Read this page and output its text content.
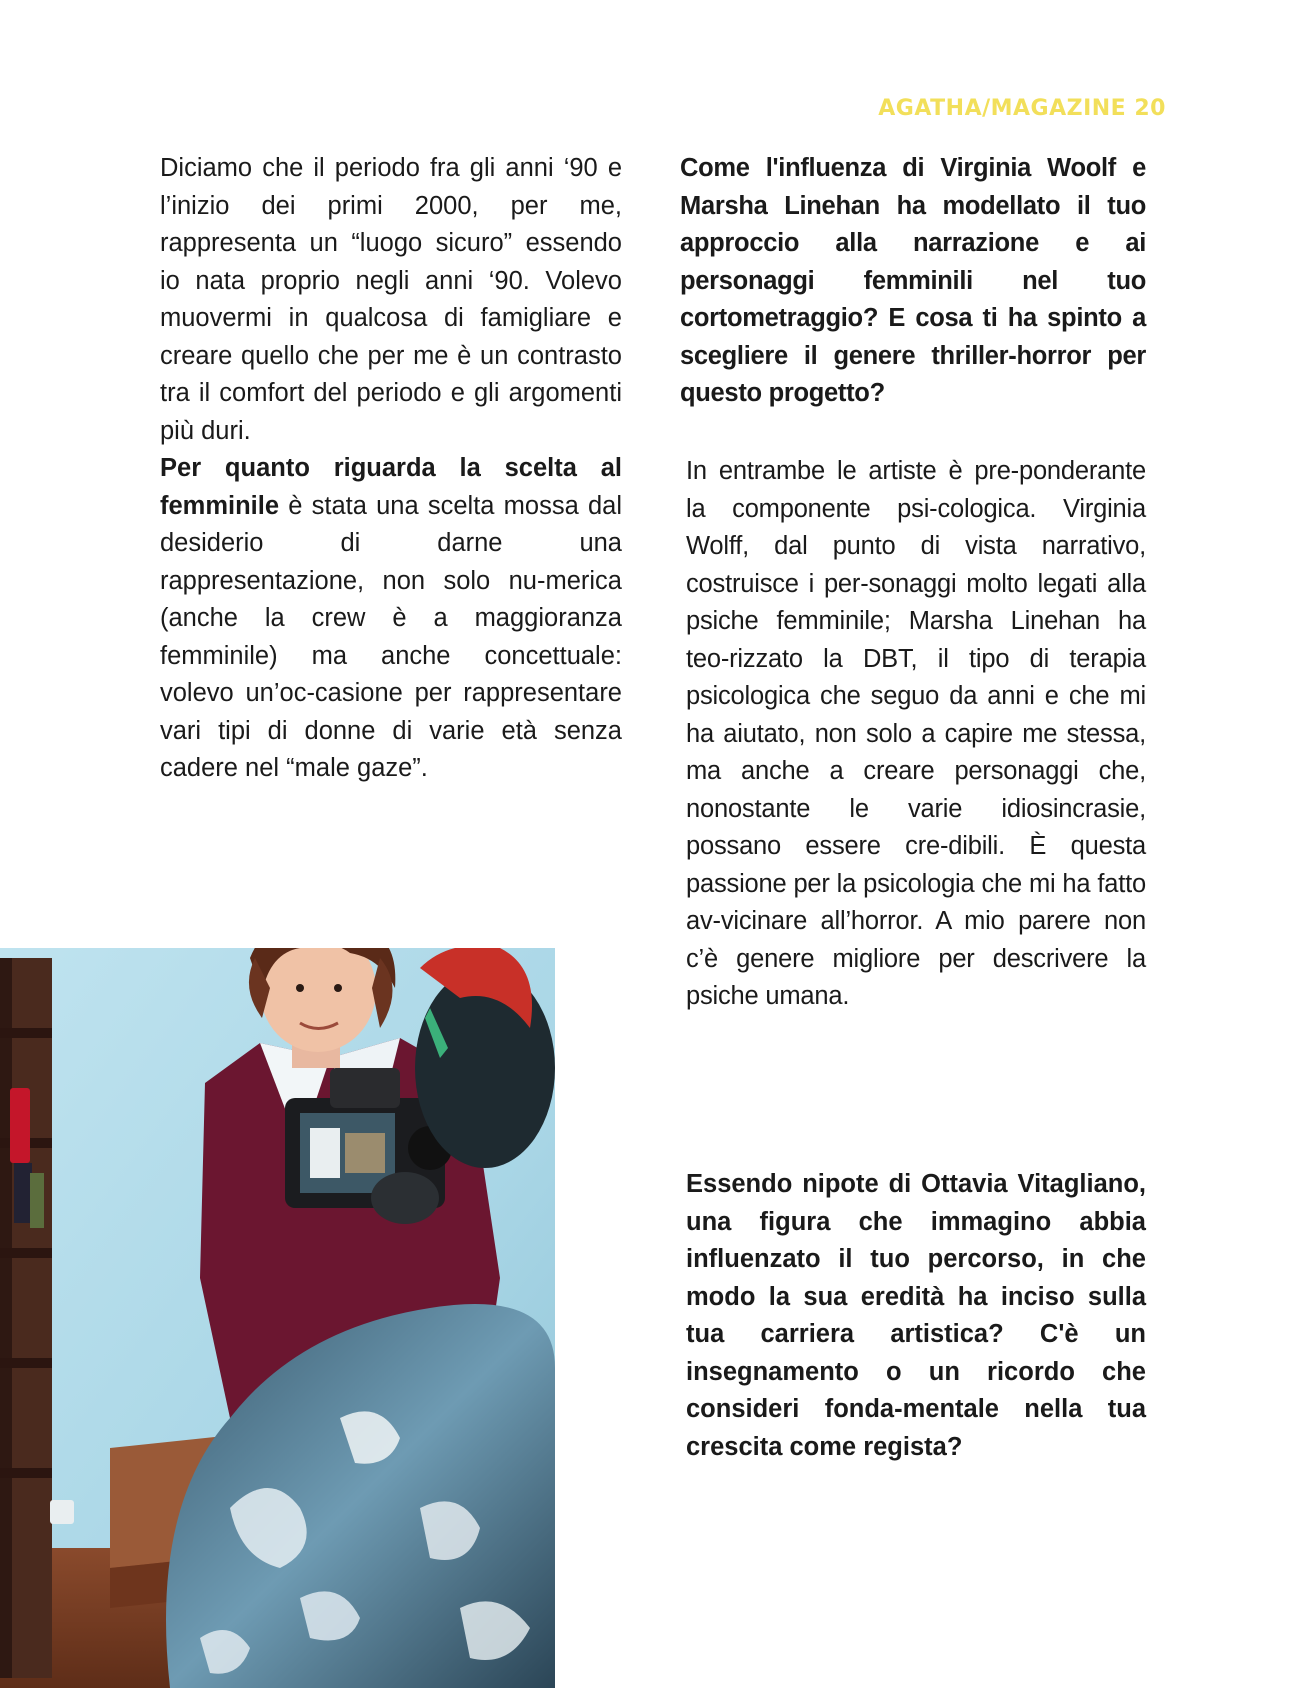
AGATHA/MAGAZINE 20

Diciamo che il periodo fra gli anni ‘90 e l’inizio dei primi 2000, per me, rappresenta un “luogo sicuro” essendo io nata proprio negli anni ‘90. Volevo muovermi in qualcosa di famigliare e creare quello che per me è un contrasto tra il comfort del periodo e gli argomenti più duri.

Per quanto riguarda la scelta al femminile è stata una scelta mossa dal desiderio di darne una rappresentazione, non solo nu-merica (anche la crew è a maggioranza femminile) ma anche concettuale: volevo un’oc-casione per rappresentare vari tipi di donne di varie età senza cadere nel “male gaze”.

Come l'influenza di Virginia Woolf e Marsha Linehan ha modellato il tuo approccio alla narrazione e ai personaggi femminili nel tuo cortometraggio? E cosa ti ha spinto a scegliere il genere thriller-horror per questo progetto?
In entrambe le artiste è pre-ponderante la componente psi-cologica. Virginia Wolff, dal punto di vista narrativo, costruisce i per-sonaggi molto legati alla psiche femminile; Marsha Linehan ha teo-rizzato la DBT, il tipo di terapia psicologica che seguo da anni e che mi ha aiutato, non solo a capire me stessa, ma anche a creare personaggi che, nonostante le varie idiosincrasie, possano essere cre-dibili. È questa passione per la psicologia che mi ha fatto av-vicinare all’horror. A mio parere non c’è genere migliore per descrivere la psiche umana.
Essendo nipote di Ottavia Vitagliano, una figura che immagino abbia influenzato il tuo percorso, in che modo la sua eredità ha inciso sulla tua carriera artistica? C'è un insegnamento o un ricordo che consideri fonda-mentale nella tua crescita come regista?
